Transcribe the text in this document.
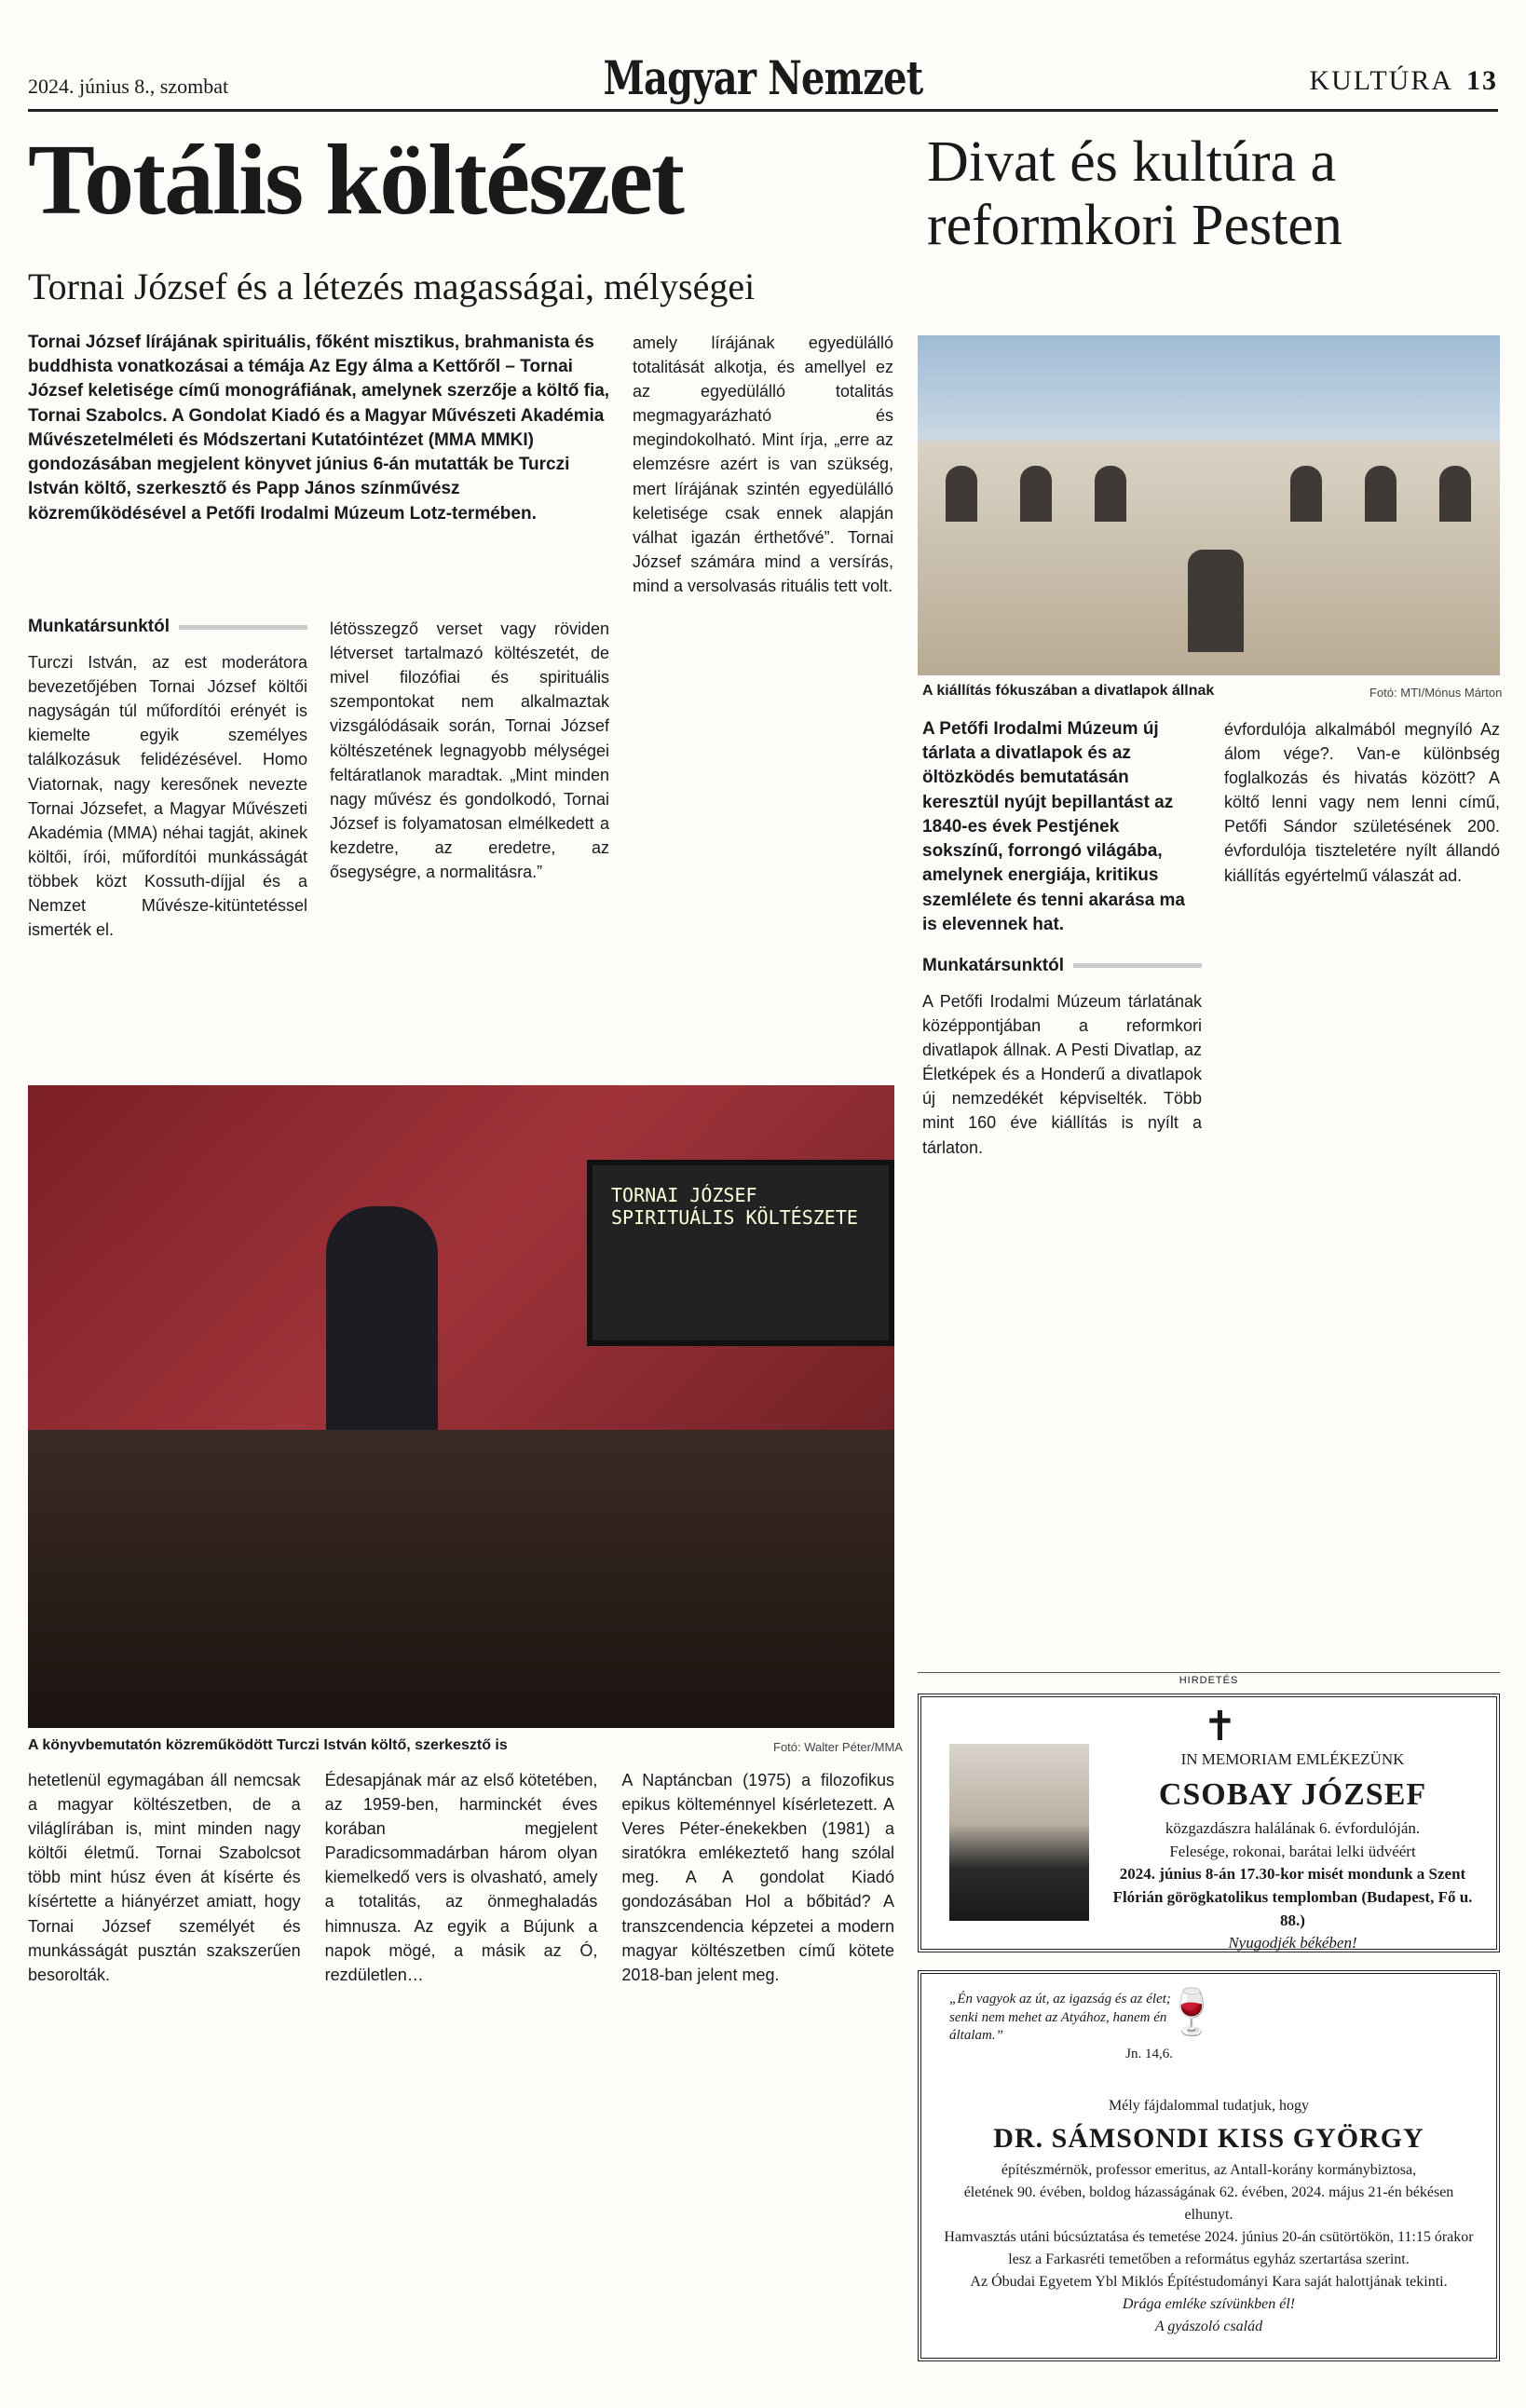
2024. június 8., szombat	Magyar Nemzet	KULTÚRA 13
Totális költészet
Tornai József és a létezés magasságai, mélységei

Tornai József lírájának spirituális, főként misztikus, brahmanista és buddhista vonatkozásai a témája Az Egy álma a Kettőről – Tornai József keletisége című monográfiának, amelynek szerzője a költő fia, Tornai Szabolcs. A Gondolat Kiadó és a Magyar Művészeti Akadémia Művészetelméleti és Módszertani Kutatóintézet (MMA MMKI) gondozásában megjelent könyvet június 6-án mutatták be Turczi István költő, szerkesztő és Papp János színművész közreműködésével a Petőfi Irodalmi Múzeum Lotz-termében.

amely lírájának egyedülálló totalitását alkotja, és amellyel ez az egyedülálló totalitás megmagyarázható és megindokolható. Mint írja, „erre az elemzésre azért is van szükség, mert lírájának szintén egyedülálló keletisége csak ennek alapján válhat igazán érthetővé”. Tornai József számára mind a versírás, mind a versolvasás rituális tett volt.

Munkatársunktól

Turczi István, az est moderátora bevezetőjében Tornai József költői nagyságán túl műfordítói erényét is kiemelte egyik személyes találkozásuk felidézésével. Homo Viatornak, nagy keresőnek nevezte Tornai Józsefet, a Magyar Művészeti Akadémia (MMA) néhai tagját, akinek költői, írói, műfordítói munkásságát többek közt Kossuth-díjjal és a Nemzet Művésze-kitüntetéssel ismerték el.

létösszegző verset vagy röviden létverset tartalmazó költészetét, de mivel filozófiai és spirituális szempontokat nem alkalmaztak vizsgálódásaik során, Tornai József költészetének legnagyobb mélységei feltáratlanok maradtak. „Mint minden nagy művész és gondolkodó, Tornai József is folyamatosan elmélkedett a kezdetre, az eredetre, az ősegységre, a normalitásra.”

TORNAI JÓZSEF SPIRITUÁLIS KÖLTÉSZETE
A könyvbemutatón közreműködött Turczi István költő, szerkesztő is	Fotó: Walter Péter/MMA

hetetlenül egymagában áll nemcsak a magyar költészetben, de a világlírában is, mint minden nagy költői életmű. Tornai Szabolcsot több mint húsz éven át kísérte és kísértette a hiányérzet amiatt, hogy Tornai József személyét és munkásságát pusztán szakszerűen besorolták.

Édesapjának már az első kötetében, az 1959-ben, harminckét éves korában megjelent Paradicsommadárban három olyan kiemelkedő vers is olvasható, amely a totalitás, az önmeghaladás himnusza. Az egyik a Bújunk a napok mögé, a másik az Ó, rezdületlen…

A Naptáncban (1975) a filozofikus epikus költeménnyel kísérletezett. A Veres Péter-énekekben (1981) a siratókra emlékeztető hang szólal meg. A A gondolat Kiadó gondozásában Hol a bőbitád? A transzcendencia képzetei a modern magyar költészetben című kötete 2018-ban jelent meg.

Divat és kultúra a reformkori Pesten
A kiállítás fókuszában a divatlapok állnak	Fotó: MTI/Mónus Márton

A Petőfi Irodalmi Múzeum új tárlata a divatlapok és az öltözködés bemutatásán keresztül nyújt bepillantást az 1840-es évek Pestjének sokszínű, forrongó világába, amelynek energiája, kritikus szemlélete és tenni akarása ma is elevennek hat.

Munkatársunktól

A Petőfi Irodalmi Múzeum tárlatának középpontjában a reformkori divatlapok állnak. A Pesti Divatlap, az Életképek és a Honderű a divatlapok új nemzedékét képviselték. Több mint 160 éve kiállítás is nyílt a tárlaton.

évfordulója alkalmából megnyíló Az álom vége?. Van-e különbség foglalkozás és hivatás között? A költő lenni vagy nem lenni című, Petőfi Sándor születésének 200. évfordulója tiszteletére nyílt állandó kiállítás egyértelmű válaszát ad.

HIRDETÉS
✝
IN MEMORIAM EMLÉKEZÜNK
CSOBAY JÓZSEF
közgazdászra halálának 6. évfordulóján.
Felesége, rokonai, barátai lelki üdvéért
2024. június 8-án 17.30-kor misét mondunk a Szent Flórián görögkatolikus templomban (Budapest, Fő u. 88.)
Nyugodjék békében!
„Én vagyok az út, az igazság és az élet; senki nem mehet az Atyához, hanem én általam.”
Jn. 14,6.
🍷
Mély fájdalommal tudatjuk, hogy
DR. SÁMSONDI KISS GYÖRGY
építészmérnök, professor emeritus, az Antall-korány kormánybiztosa,
életének 90. évében, boldog házasságának 62. évében, 2024. május 21-én békésen elhunyt.
Hamvasztás utáni búcsúztatása és temetése 2024. június 20-án csütörtökön, 11:15 órakor lesz a Farkasréti temetőben a református egyház szertartása szerint.
Az Óbudai Egyetem Ybl Miklós Építéstudományi Kara saját halottjának tekinti.
Drága emléke szívünkben él!
A gyászoló család
